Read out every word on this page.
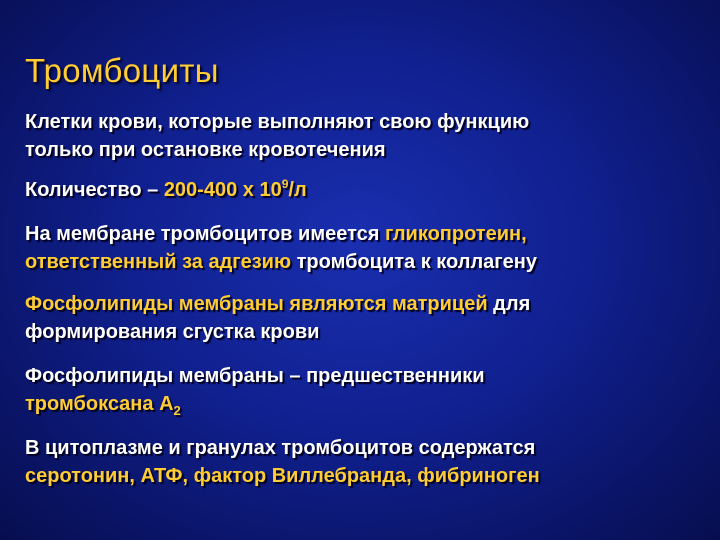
Тромбоциты

Клетки крови, которые выполняют свою функцию
только при остановке кровотечения

Количество – 200-400 х $10^9/л$

На мембране тромбоцитов имеется гликопротеин,
ответственный за адгезию тромбоцита к коллагену

Фосфолипиды мембраны являются матрицей для
формирования сгустка крови

Фосфолипиды мембраны – предшественники
тромбоксана $А_2$

В цитоплазме и гранулах тромбоцитов содержатся
серотонин, АТФ, фактор Виллебранда, фибриноген
